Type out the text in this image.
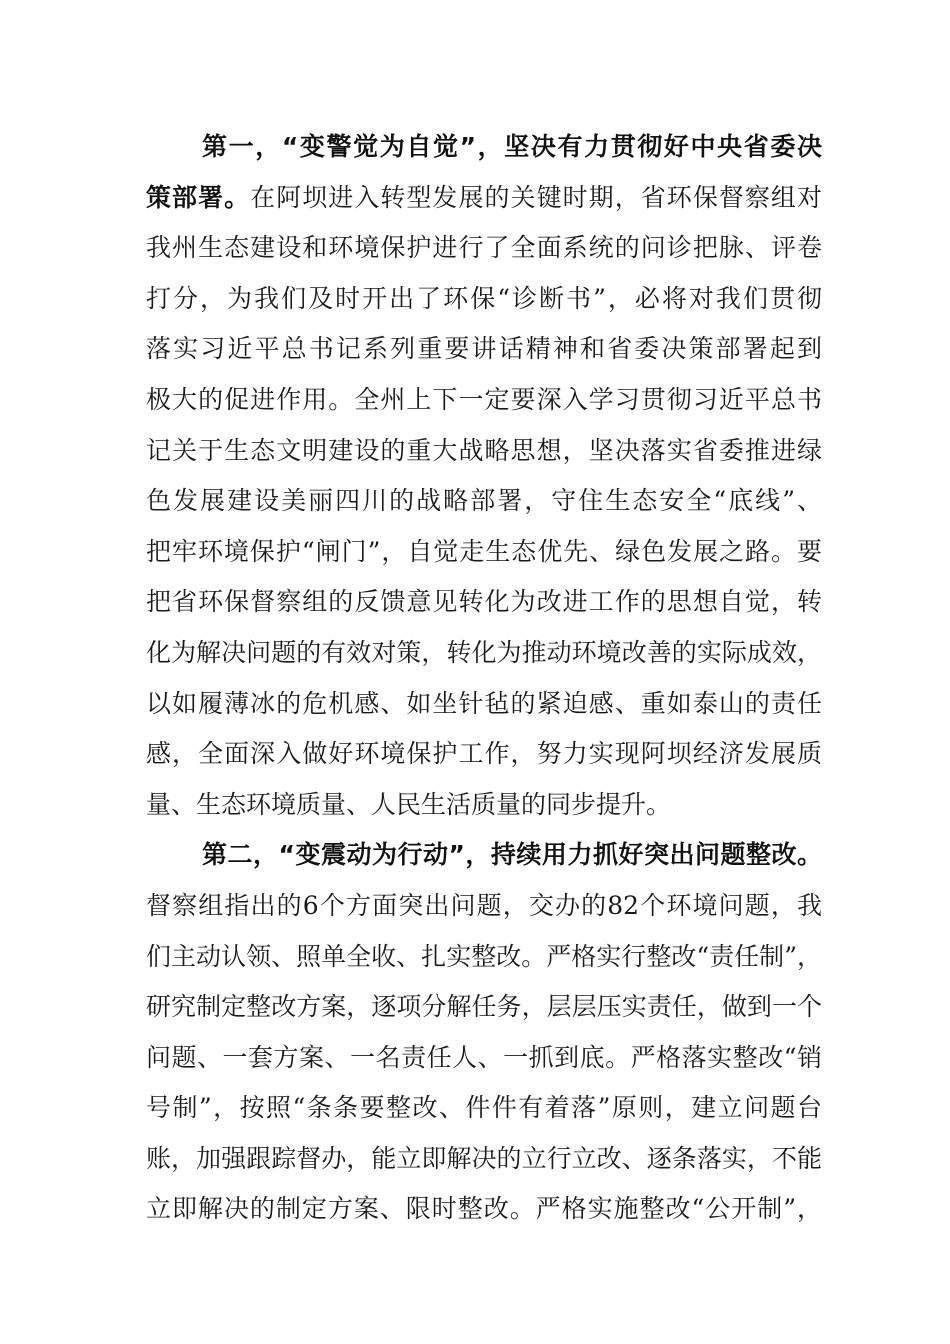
第一，“变警觉为自觉”，坚决有力贯彻好中央省委决
策部署。在阿坝进入转型发展的关键时期，省环保督察组对
我州生态建设和环境保护进行了全面系统的问诊把脉、评卷
打分，为我们及时开出了环保“诊断书”，必将对我们贯彻
落实习近平总书记系列重要讲话精神和省委决策部署起到
极大的促进作用。全州上下一定要深入学习贯彻习近平总书
记关于生态文明建设的重大战略思想，坚决落实省委推进绿
色发展建设美丽四川的战略部署，守住生态安全“底线”、
把牢环境保护“闸门”，自觉走生态优先、绿色发展之路。要
把省环保督察组的反馈意见转化为改进工作的思想自觉，转
化为解决问题的有效对策，转化为推动环境改善的实际成效，
以如履薄冰的危机感、如坐针毡的紧迫感、重如泰山的责任
感，全面深入做好环境保护工作，努力实现阿坝经济发展质
量、生态环境质量、人民生活质量的同步提升。
第二，“变震动为行动”，持续用力抓好突出问题整改。
督察组指出的6个方面突出问题，交办的82个环境问题，我
们主动认领、照单全收、扎实整改。严格实行整改“责任制”，
研究制定整改方案，逐项分解任务，层层压实责任，做到一个
问题、一套方案、一名责任人、一抓到底。严格落实整改“销
号制”，按照“条条要整改、件件有着落”原则，建立问题台
账，加强跟踪督办，能立即解决的立行立改、逐条落实，不能
立即解决的制定方案、限时整改。严格实施整改“公开制”，
